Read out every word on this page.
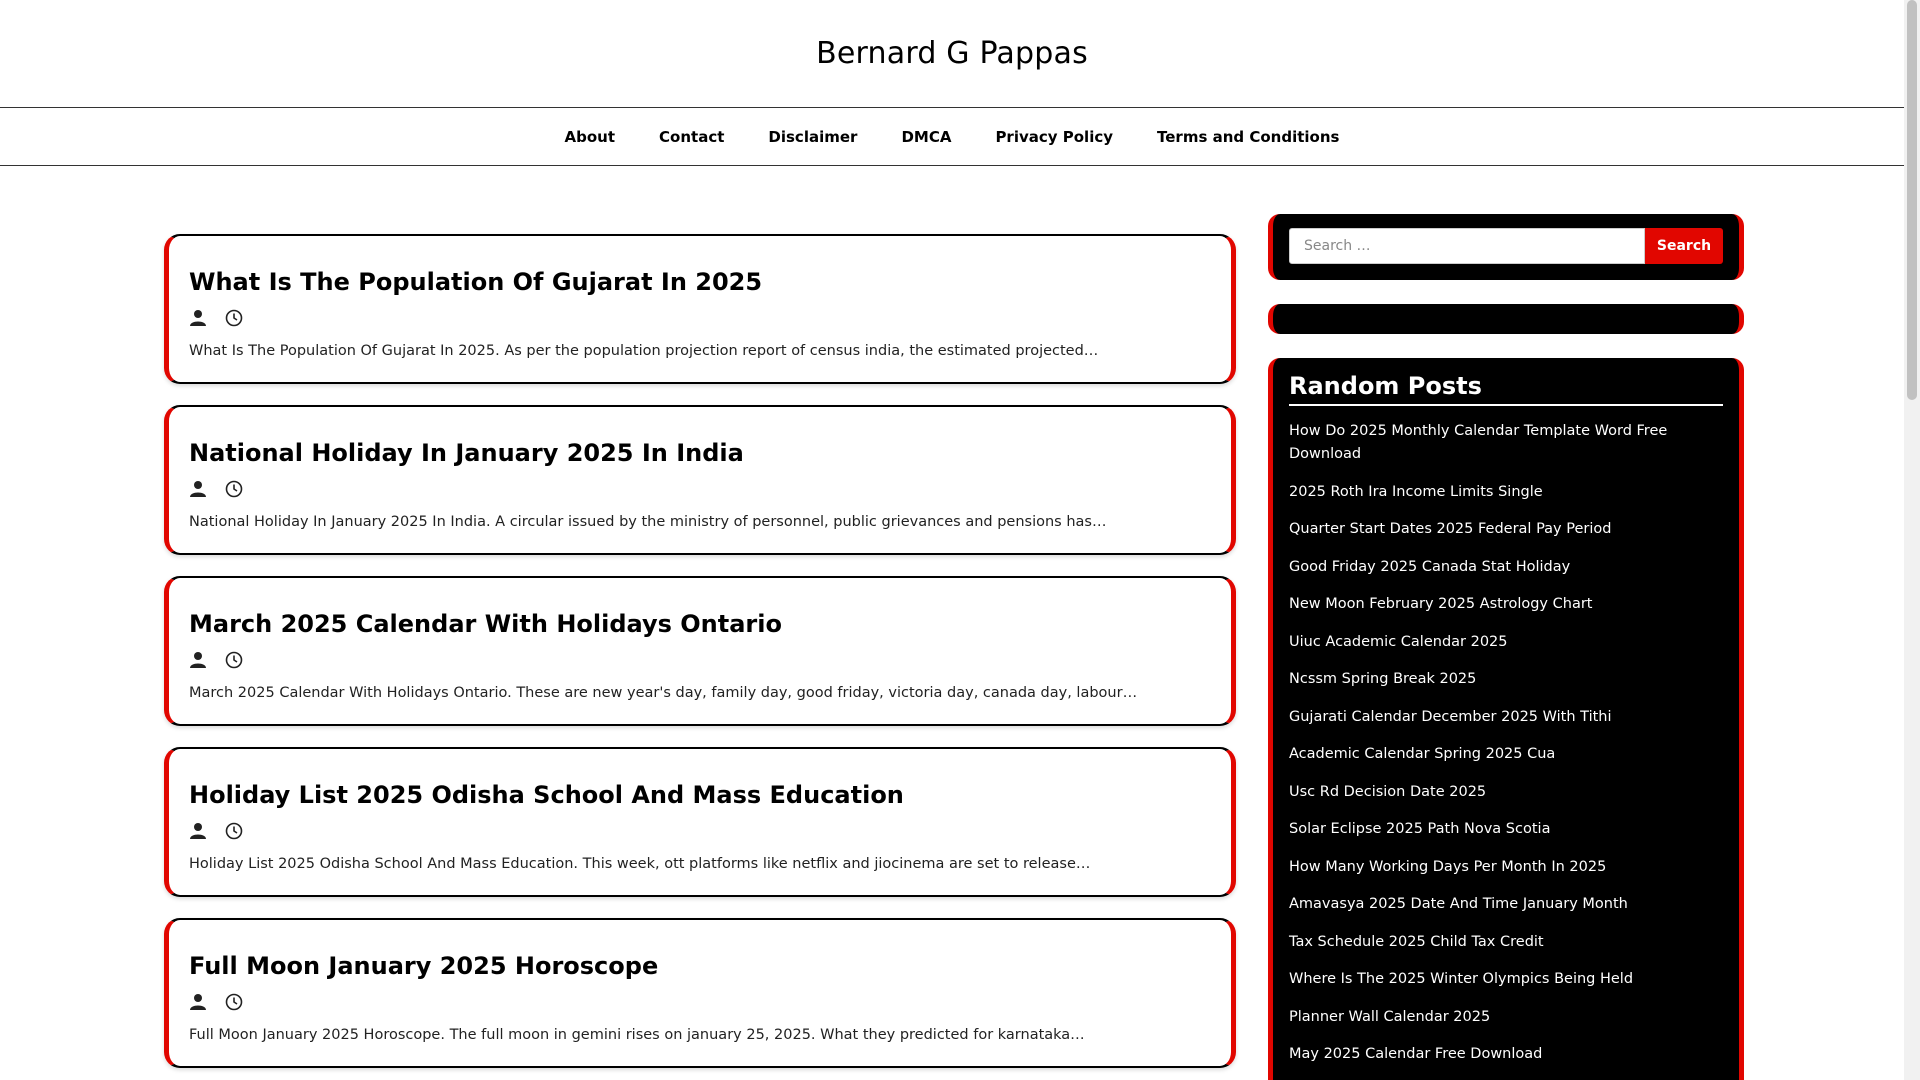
Bernard G Pappas
About	Contact	Disclaimer	DMCA	Privacy Policy	Terms and Conditions
What Is The Population Of Gujarat In 2025
What Is The Population Of Gujarat In 2025. As per the population projection report of census india, the estimated projected…
National Holiday In January 2025 In India
National Holiday In January 2025 In India. A circular issued by the ministry of personnel, public grievances and pensions has…
March 2025 Calendar With Holidays Ontario
March 2025 Calendar With Holidays Ontario. These are new year's day, family day, good friday, victoria day, canada day, labour…
Holiday List 2025 Odisha School And Mass Education
Holiday List 2025 Odisha School And Mass Education. This week, ott platforms like netflix and jiocinema are set to release…
Full Moon January 2025 Horoscope
Full Moon January 2025 Horoscope. The full moon in gemini rises on january 25, 2025. What they predicted for karnataka…
Search …
Search
Random Posts
How Do 2025 Monthly Calendar Template Word Free Download
2025 Roth Ira Income Limits Single
Quarter Start Dates 2025 Federal Pay Period
Good Friday 2025 Canada Stat Holiday
New Moon February 2025 Astrology Chart
Uiuc Academic Calendar 2025
Ncssm Spring Break 2025
Gujarati Calendar December 2025 With Tithi
Academic Calendar Spring 2025 Cua
Usc Rd Decision Date 2025
Solar Eclipse 2025 Path Nova Scotia
How Many Working Days Per Month In 2025
Amavasya 2025 Date And Time January Month
Tax Schedule 2025 Child Tax Credit
Where Is The 2025 Winter Olympics Being Held
Planner Wall Calendar 2025
May 2025 Calendar Free Download
